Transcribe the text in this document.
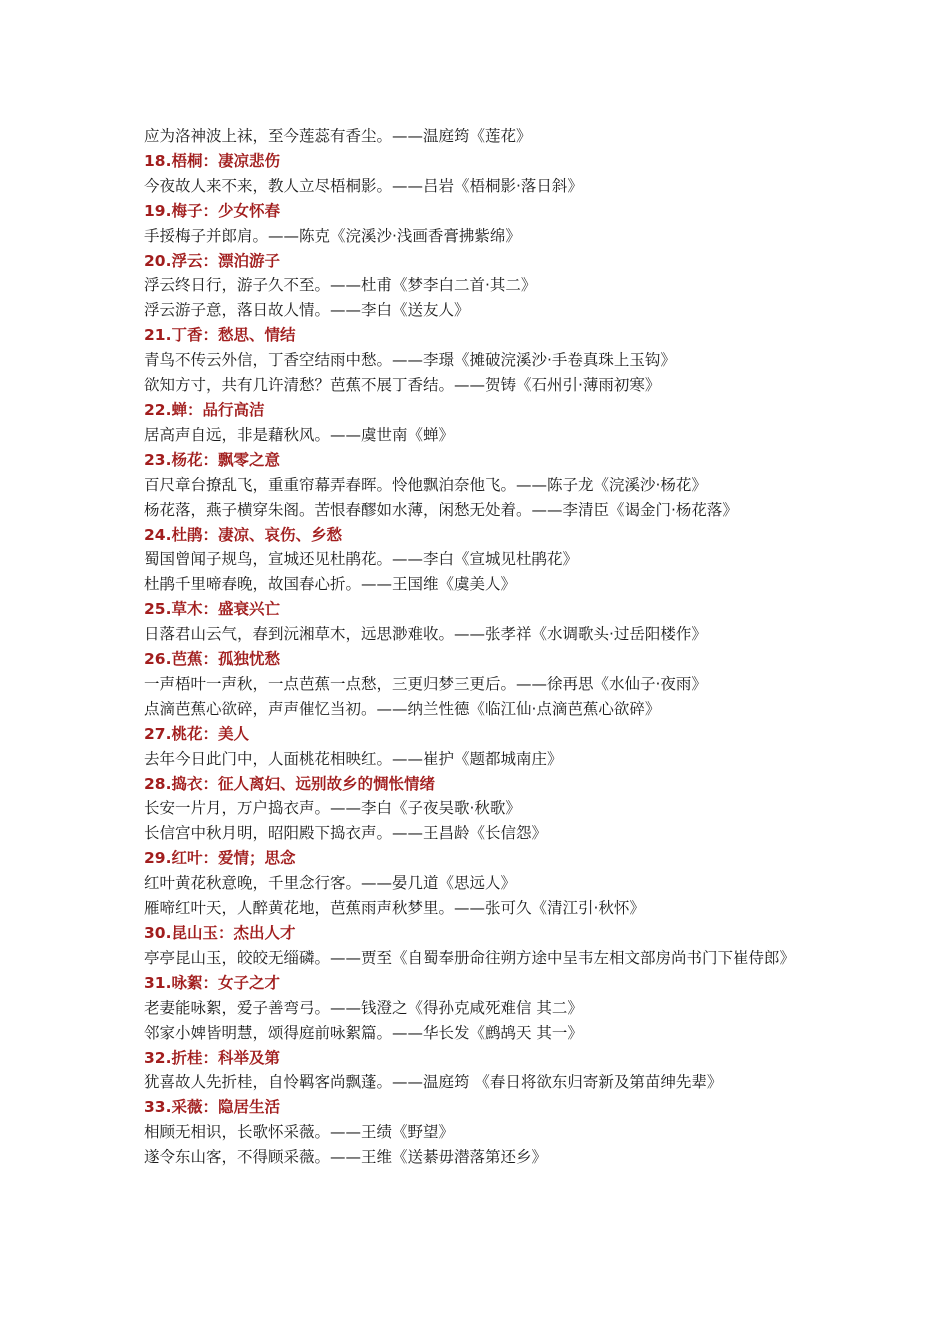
应为洛神波上袜，至今莲蕊有香尘。——温庭筠《莲花》
18.梧桐：凄凉悲伤
今夜故人来不来，教人立尽梧桐影。——吕岩《梧桐影·落日斜》
19.梅子：少女怀春
手挼梅子并郎肩。——陈克《浣溪沙·浅画香膏拂紫绵》
20.浮云：漂泊游子
浮云终日行，游子久不至。——杜甫《梦李白二首·其二》
浮云游子意，落日故人情。——李白《送友人》
21.丁香：愁思、情结
青鸟不传云外信，丁香空结雨中愁。——李璟《摊破浣溪沙·手卷真珠上玉钩》
欲知方寸，共有几许清愁？芭蕉不展丁香结。——贺铸《石州引·薄雨初寒》
22.蝉：品行高洁
居高声自远，非是藉秋风。——虞世南《蝉》
23.杨花：飘零之意
百尺章台撩乱飞，重重帘幕弄春晖。怜他飘泊奈他飞。——陈子龙《浣溪沙·杨花》
杨花落，燕子横穿朱阁。苦恨春醪如水薄，闲愁无处着。——李清臣《谒金门·杨花落》
24.杜鹃：凄凉、哀伤、乡愁
蜀国曾闻子规鸟，宣城还见杜鹃花。——李白《宣城见杜鹃花》
杜鹃千里啼春晚，故国春心折。——王国维《虞美人》
25.草木：盛衰兴亡
日落君山云气，春到沅湘草木，远思渺难收。——张孝祥《水调歌头·过岳阳楼作》
26.芭蕉：孤独忧愁
一声梧叶一声秋，一点芭蕉一点愁，三更归梦三更后。——徐再思《水仙子·夜雨》
点滴芭蕉心欲碎，声声催忆当初。——纳兰性德《临江仙·点滴芭蕉心欲碎》
27.桃花：美人
去年今日此门中，人面桃花相映红。——崔护《题都城南庄》
28.捣衣：征人离妇、远别故乡的惆怅情绪
长安一片月，万户捣衣声。——李白《子夜吴歌·秋歌》
长信宫中秋月明，昭阳殿下捣衣声。——王昌龄《长信怨》
29.红叶：爱情；思念
红叶黄花秋意晚，千里念行客。——晏几道《思远人》
雁啼红叶天，人醉黄花地，芭蕉雨声秋梦里。——张可久《清江引·秋怀》
30.昆山玉：杰出人才
亭亭昆山玉，皎皎无缁磷。——贾至《自蜀奉册命往朔方途中呈韦左相文部房尚书门下崔侍郎》
31.咏絮：女子之才
老妻能咏絮，爱子善弯弓。——钱澄之《得孙克咸死难信 其二》
邻家小婢皆明慧，颂得庭前咏絮篇。——华长发《鹧鸪天 其一》
32.折桂：科举及第
犹喜故人先折桂，自怜羁客尚飘蓬。——温庭筠 《春日将欲东归寄新及第苗绅先辈》
33.采薇：隐居生活
相顾无相识，长歌怀采薇。——王绩《野望》
遂令东山客，不得顾采薇。——王维《送綦毋潜落第还乡》
